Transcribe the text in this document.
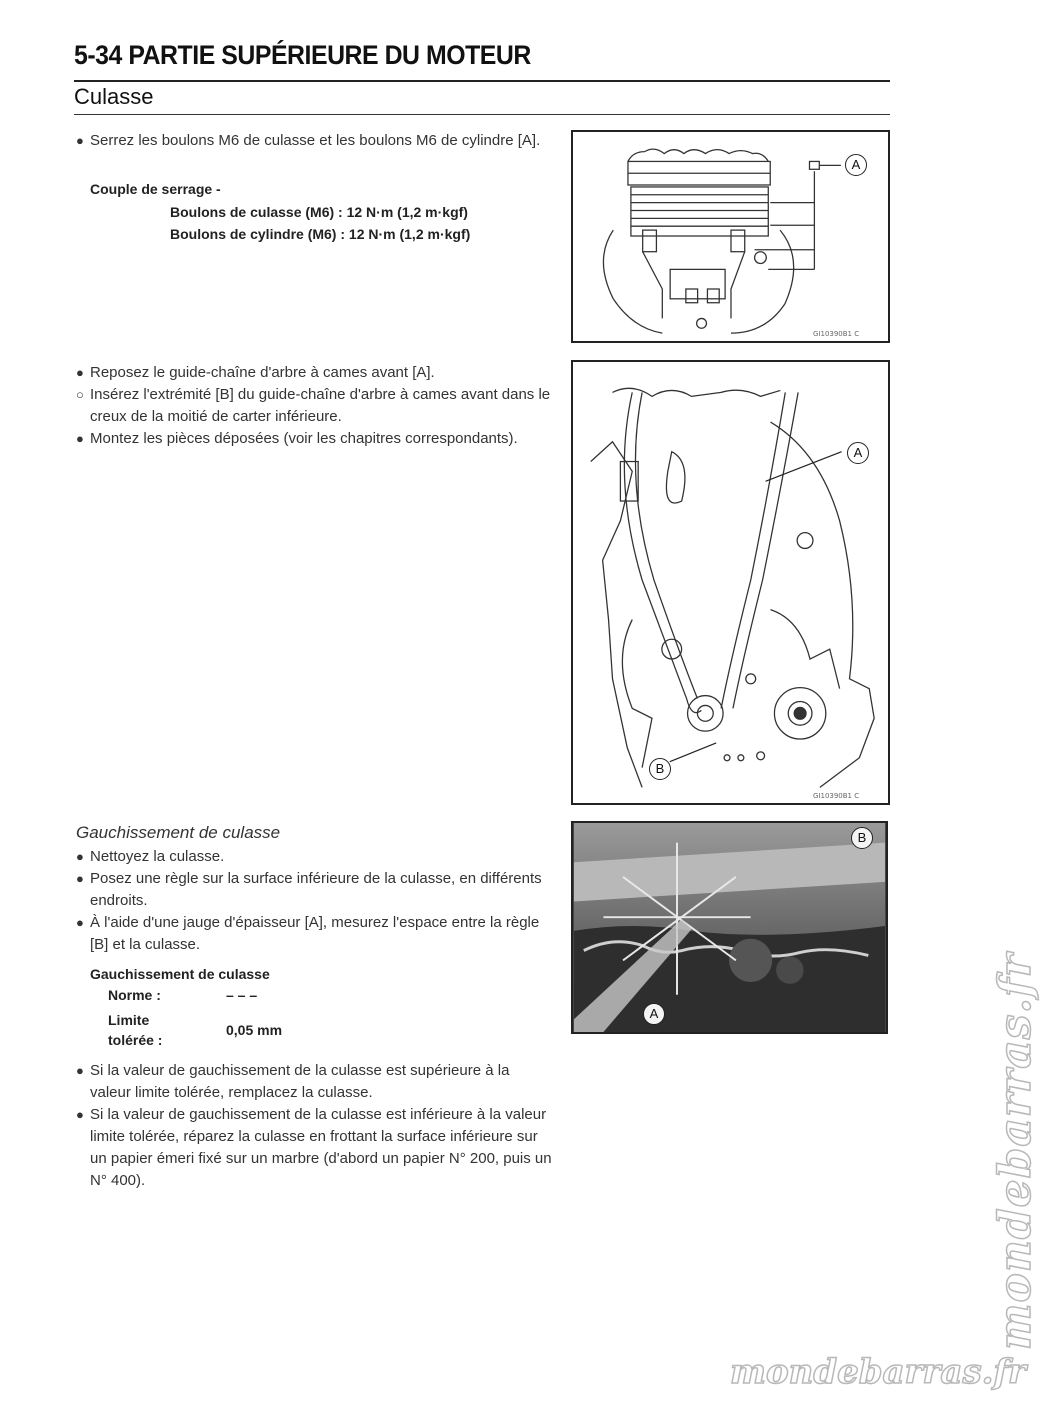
5-34 PARTIE SUPÉRIEURE DU MOTEUR
Culasse
● Serrez les boulons M6 de culasse et les boulons M6 de cylindre [A].
Couple de serrage -
Boulons de culasse (M6) : 12 N·m (1,2 m·kgf)
Boulons de cylindre (M6) : 12 N·m (1,2 m·kgf)
A
GI10390B1 C
● Reposez le guide-chaîne d'arbre à cames avant [A].
○ Insérez l'extrémité [B] du guide-chaîne d'arbre à cames avant dans le creux de la moitié de carter inférieure.
● Montez les pièces déposées (voir les chapitres correspondants).
A
B
GI10390B1 C
Gauchissement de culasse
● Nettoyez la culasse.
● Posez une règle sur la surface inférieure de la culasse, en différents endroits.
● À l'aide d'une jauge d'épaisseur [A], mesurez l'espace entre la règle [B] et la culasse.
Gauchissement de culasse
Norme :	– – –
Limite
tolérée :
0,05 mm
● Si la valeur de gauchissement de la culasse est supérieure à la valeur limite tolérée, remplacez la culasse.
● Si la valeur de gauchissement de la culasse est inférieure à la valeur limite tolérée, réparez la culasse en frottant la surface inférieure sur un papier émeri fixé sur un marbre (d'abord un papier N° 200, puis un N° 400).
B
A	mondebarras.fr
mondebarras.fr
